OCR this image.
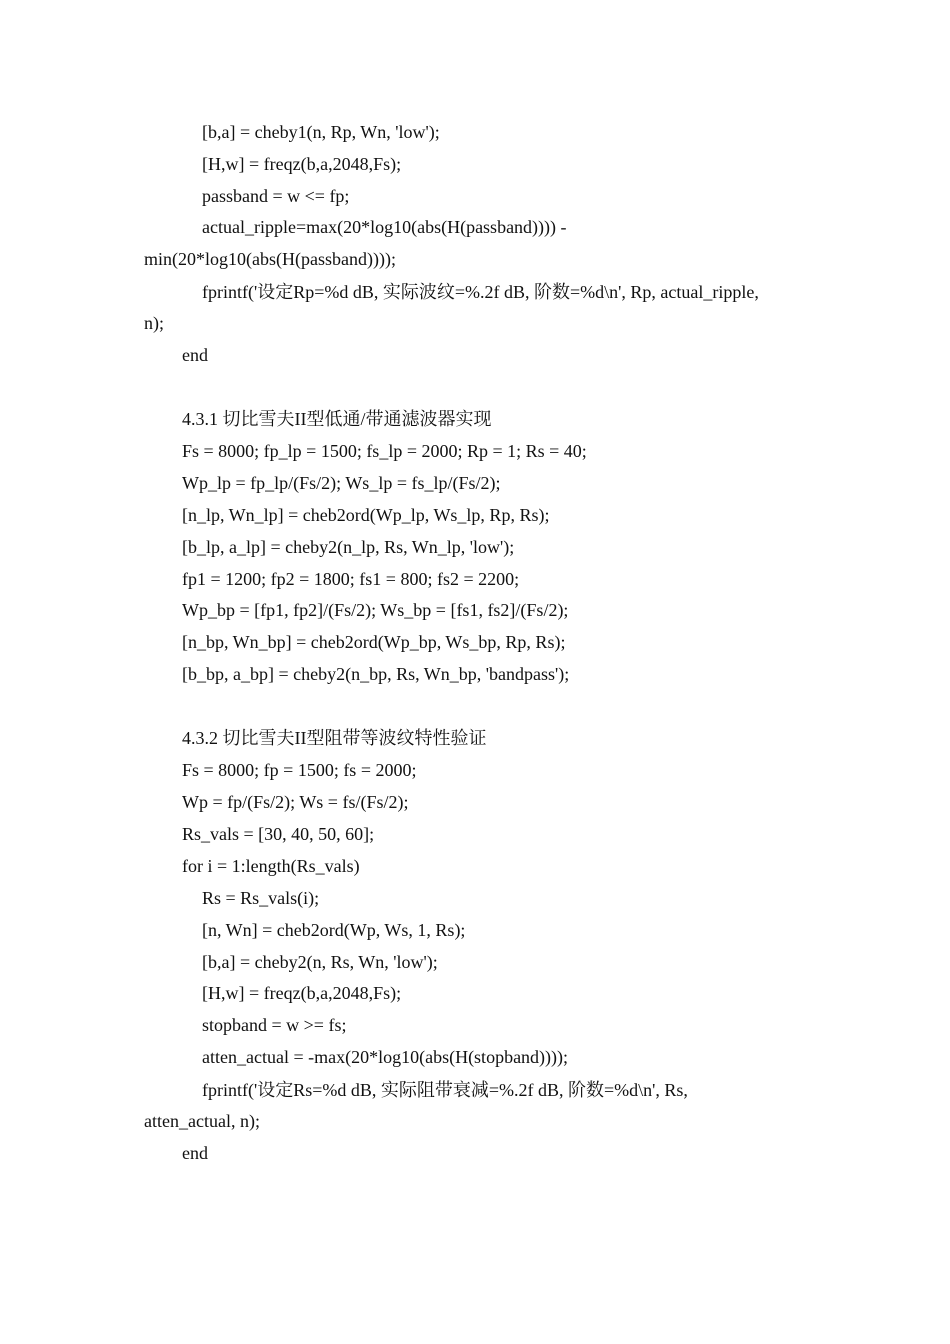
[b,a] = cheby1(n, Rp, Wn, 'low');
[H,w] = freqz(b,a,2048,Fs);
passband = w <= fp;
actual_ripple=max(20*log10(abs(H(passband)))) -
min(20*log10(abs(H(passband))));
fprintf('设定Rp=%d dB, 实际波纹=%.2f dB, 阶数=%d\n', Rp, actual_ripple,
n);
end
4.3.1 切比雪夫II型低通/带通滤波器实现
Fs = 8000; fp_lp = 1500; fs_lp = 2000; Rp = 1; Rs = 40;
Wp_lp = fp_lp/(Fs/2); Ws_lp = fs_lp/(Fs/2);
[n_lp, Wn_lp] = cheb2ord(Wp_lp, Ws_lp, Rp, Rs);
[b_lp, a_lp] = cheby2(n_lp, Rs, Wn_lp, 'low');
fp1 = 1200; fp2 = 1800; fs1 = 800; fs2 = 2200;
Wp_bp = [fp1, fp2]/(Fs/2); Ws_bp = [fs1, fs2]/(Fs/2);
[n_bp, Wn_bp] = cheb2ord(Wp_bp, Ws_bp, Rp, Rs);
[b_bp, a_bp] = cheby2(n_bp, Rs, Wn_bp, 'bandpass');
4.3.2 切比雪夫II型阻带等波纹特性验证
Fs = 8000; fp = 1500; fs = 2000;
Wp = fp/(Fs/2); Ws = fs/(Fs/2);
Rs_vals = [30, 40, 50, 60];
for i = 1:length(Rs_vals)
Rs = Rs_vals(i);
[n, Wn] = cheb2ord(Wp, Ws, 1, Rs);
[b,a] = cheby2(n, Rs, Wn, 'low');
[H,w] = freqz(b,a,2048,Fs);
stopband = w >= fs;
atten_actual = -max(20*log10(abs(H(stopband))));
fprintf('设定Rs=%d dB, 实际阻带衰减=%.2f dB, 阶数=%d\n', Rs,
atten_actual, n);
end
